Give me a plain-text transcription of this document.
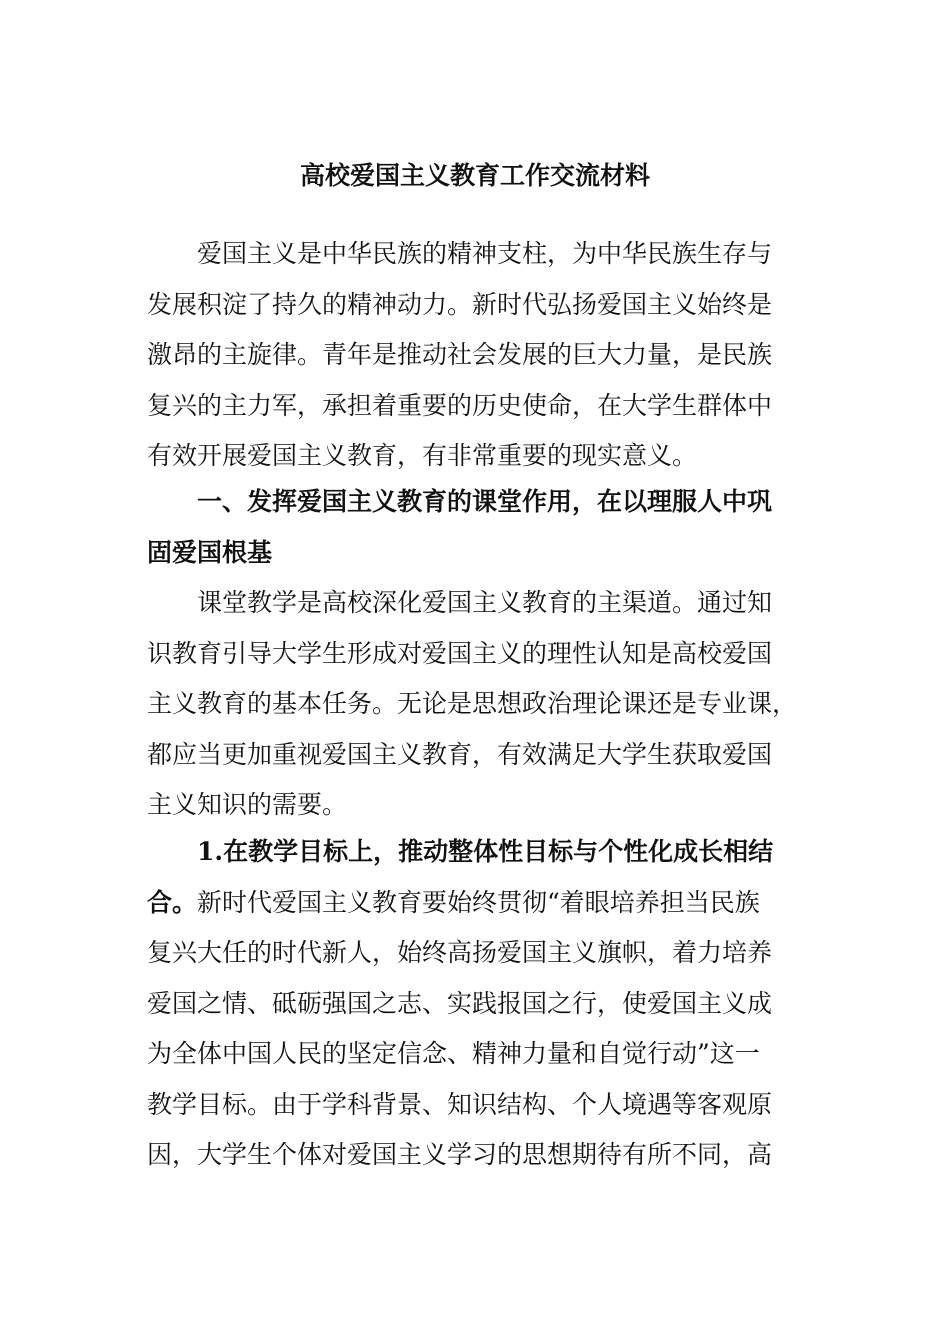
高校爱国主义教育工作交流材料
爱国主义是中华民族的精神支柱，为中华民族生存与
发展积淀了持久的精神动力。新时代弘扬爱国主义始终是
激昂的主旋律。青年是推动社会发展的巨大力量，是民族
复兴的主力军，承担着重要的历史使命，在大学生群体中
有效开展爱国主义教育，有非常重要的现实意义。
一、发挥爱国主义教育的课堂作用，在以理服人中巩
固爱国根基
课堂教学是高校深化爱国主义教育的主渠道。通过知
识教育引导大学生形成对爱国主义的理性认知是高校爱国
主义教育的基本任务。无论是思想政治理论课还是专业课，
都应当更加重视爱国主义教育，有效满足大学生获取爱国
主义知识的需要。
1.在教学目标上，推动整体性目标与个性化成长相结
合。新时代爱国主义教育要始终贯彻“着眼培养担当民族
复兴大任的时代新人，始终高扬爱国主义旗帜，着力培养
爱国之情、砥砺强国之志、实践报国之行，使爱国主义成
为全体中国人民的坚定信念、精神力量和自觉行动”这一
教学目标。由于学科背景、知识结构、个人境遇等客观原
因，大学生个体对爱国主义学习的思想期待有所不同，高
